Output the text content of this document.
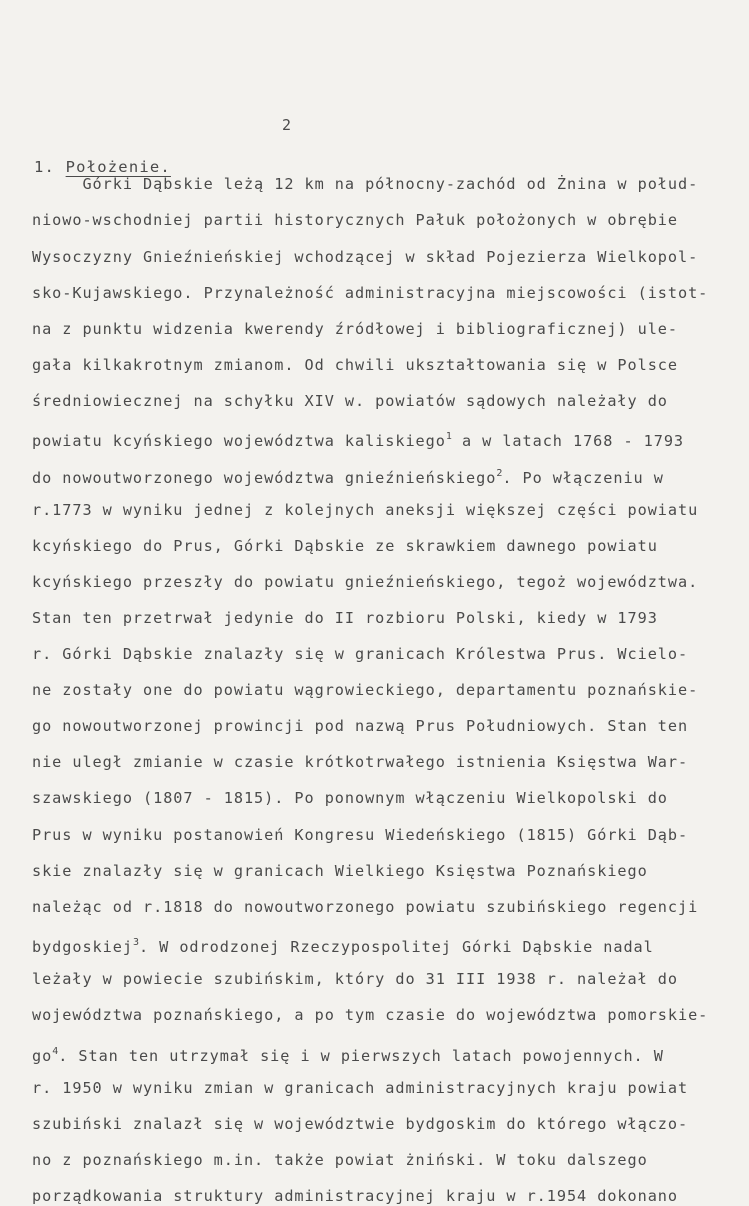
2
1. Położenie.
Górki Dąbskie leżą 12 km na północny-zachód od Żnina w połud-
niowo-wschodniej partii historycznych Pałuk położonych w obrębie
Wysoczyzny Gnieźnieńskiej wchodzącej w skład Pojezierza Wielkopol-
sko-Kujawskiego. Przynależność administracyjna miejscowości (istot-
na z punktu widzenia kwerendy źródłowej i bibliograficznej) ule-
gała kilkakrotnym zmianom. Od chwili ukształtowania się w Polsce
średniowiecznej na schyłku XIV w. powiatów sądowych należały do
powiatu kcyńskiego województwa kaliskiego$^1$ a w latach 1768 - 1793
do nowoutworzonego województwa gnieźnieńskiego$^2$. Po włączeniu w
r.1773 w wyniku jednej z kolejnych aneksji większej części powiatu
kcyńskiego do Prus, Górki Dąbskie ze skrawkiem dawnego powiatu
kcyńskiego przeszły do powiatu gnieźnieńskiego, tegoż województwa.
Stan ten przetrwał jedynie do II rozbioru Polski, kiedy w 1793
r. Górki Dąbskie znalazły się w granicach Królestwa Prus. Wcielo-
ne zostały one do powiatu wągrowieckiego, departamentu poznańskie-
go nowoutworzonej prowincji pod nazwą Prus Południowych. Stan ten
nie uległ zmianie w czasie krótkotrwałego istnienia Księstwa War-
szawskiego (1807 - 1815). Po ponownym włączeniu Wielkopolski do
Prus w wyniku postanowień Kongresu Wiedeńskiego (1815) Górki Dąb-
skie znalazły się w granicach Wielkiego Księstwa Poznańskiego
należąc od r.1818 do nowoutworzonego powiatu szubińskiego regencji
bydgoskiej$^3$. W odrodzonej Rzeczypospolitej Górki Dąbskie nadal
leżały w powiecie szubińskim, który do 31 III 1938 r. należał do
województwa poznańskiego, a po tym czasie do województwa pomorskie-
$go^4$. Stan ten utrzymał się i w pierwszych latach powojennych. W
r. 1950 w wyniku zmian w granicach administracyjnych kraju powiat
szubiński znalazł się w województwie bydgoskim do którego włączo-
no z poznańskiego m.in. także powiat żniński. W toku dalszego
porządkowania struktury administracyjnej kraju w r.1954 dokonano
